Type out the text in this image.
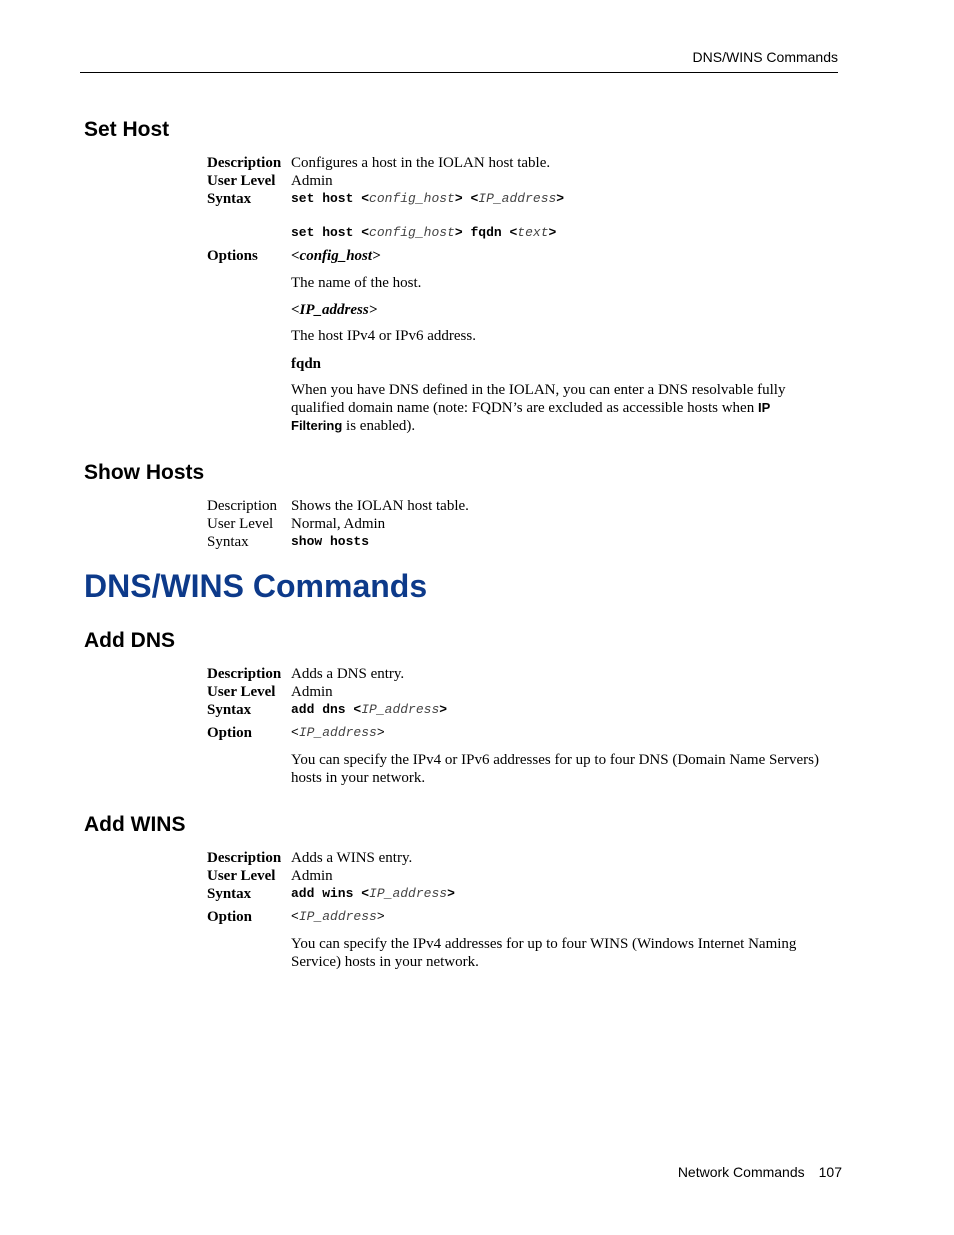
DNS/WINS Commands
Set Host
Description Configures a host in the IOLAN host table.
User Level	Admin
Syntax	set host <config_host> <IP_address>
set host <config_host> fqdn <text>
Options	<config_host>
The name of the host.
<IP_address>
The host IPv4 or IPv6 address.
fqdn
When you have DNS defined in the IOLAN, you can enter a DNS resolvable fully qualified domain name (note: FQDN’s are excluded as accessible hosts when IP Filtering is enabled).
Show Hosts
Description Shows the IOLAN host table.
User Level	Normal, Admin
Syntax	show hosts
DNS/WINS Commands
Add DNS
Description Adds a DNS entry.
User Level	Admin
Syntax	add dns <IP_address>
Option	<IP_address>
You can specify the IPv4 or IPv6 addresses for up to four DNS (Domain Name Servers) hosts in your network.
Add WINS
Description Adds a WINS entry.
User Level	Admin
Syntax	add wins <IP_address>
Option	<IP_address>
You can specify the IPv4 addresses for up to four WINS (Windows Internet Naming Service) hosts in your network.
Network Commands 107
